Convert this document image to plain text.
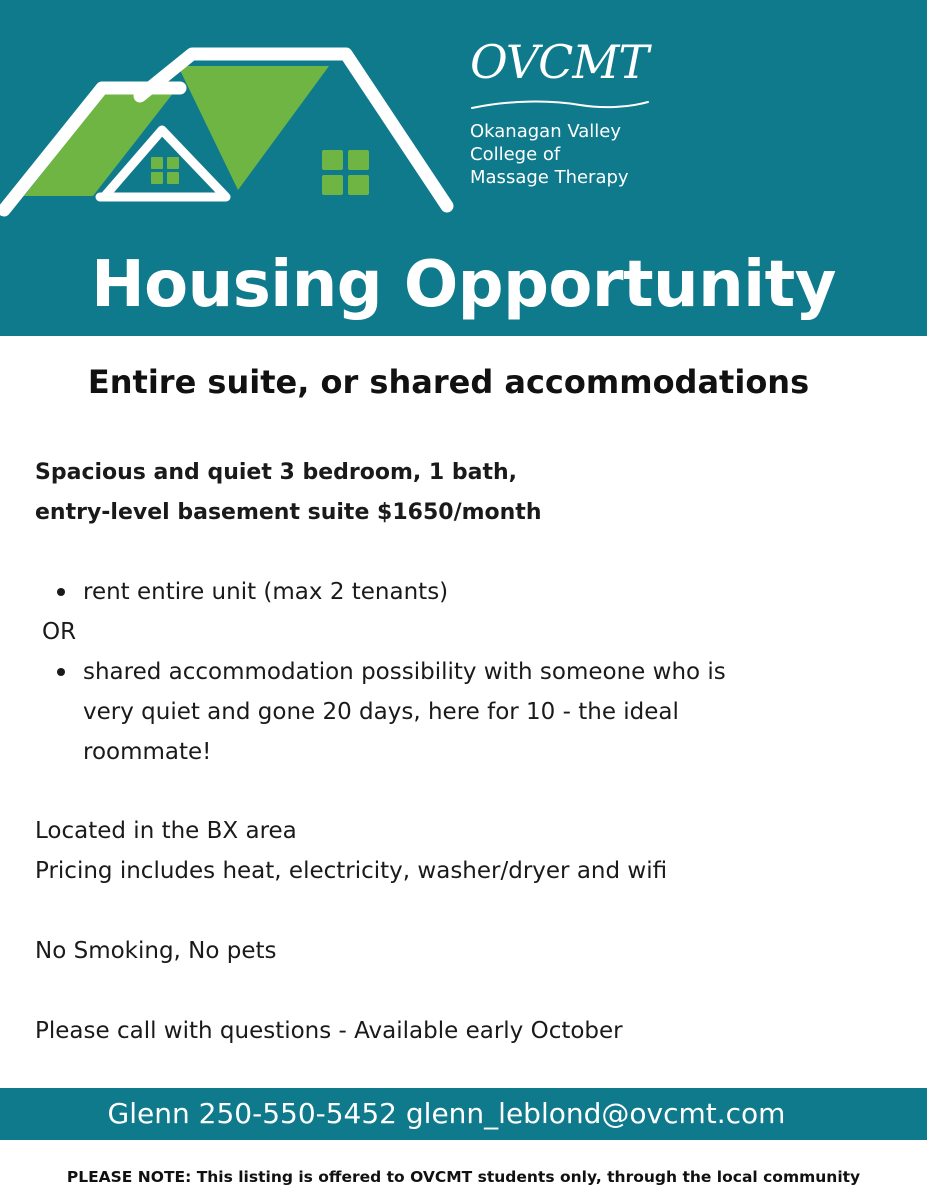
OVCMT
Okanagan Valley
College of
Massage Therapy
Housing Opportunity
Entire suite, or shared accommodations
Spacious and quiet 3 bedroom, 1 bath,
entry-level basement suite $1650/month
rent entire unit (max 2 tenants)
OR
shared accommodation possibility with someone who is
very quiet and gone 20 days, here for 10 - the ideal
roommate!
Located in the BX area
Pricing includes heat, electricity, washer/dryer and wifi
No Smoking, No pets
Please call with questions - Available early October
Glenn 250-550-5452 glenn_leblond@ovcmt.com
PLEASE NOTE: This listing is offered to OVCMT students only, through the local community
